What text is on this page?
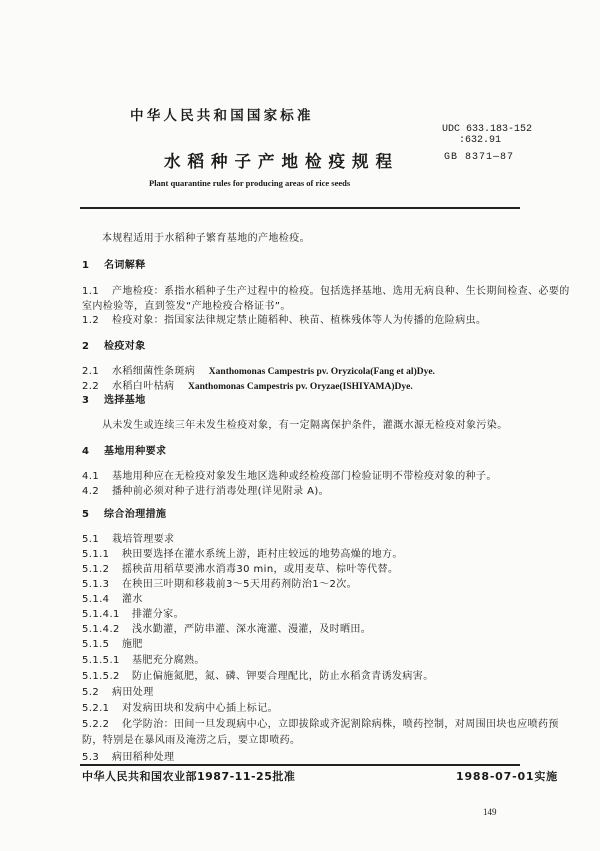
中华人民共和国国家标准
UDC 633.183-152
:632.91
水稻种子产地检疫规程	GB 8371—87
Plant quarantine rules for producing areas of rice seeds
本规程适用于水稻种子繁育基地的产地检疫。
1 名词解释
1.1 产地检疫：系指水稻种子生产过程中的检疫。包括选择基地、选用无病良种、生长期间检查、必要的
室内检验等，直到签发“产地检疫合格证书”。
1.2 检疫对象：指国家法律规定禁止随稻种、秧苗、植株残体等人为传播的危险病虫。
2 检疫对象
2.1 水稻细菌性条斑病 Xanthomonas Campestris pv. Oryzicola(Fang et al)Dye.
2.2 水稻白叶枯病 Xanthomonas Campestris pv. Oryzae(ISHIYAMA)Dye.
3 选择基地
从未发生或连续三年未发生检疫对象，有一定隔离保护条件，灌溉水源无检疫对象污染。
4 基地用种要求
4.1 基地用种应在无检疫对象发生地区选种或经检疫部门检验证明不带检疫对象的种子。
4.2 播种前必须对种子进行消毒处理(详见附录 A)。
5 综合治理措施
5.1 栽培管理要求
5.1.1 秧田要选择在灌水系统上游，距村庄较远的地势高燥的地方。
5.1.2 摇秧苗用稻草要沸水消毒30 min，或用麦草、棕叶等代替。
5.1.3 在秧田三叶期和移栽前3～5天用药剂防治1～2次。
5.1.4 灌水
5.1.4.1 排灌分家。
5.1.4.2 浅水勤灌，严防串灌、深水淹灌、漫灌，及时晒田。
5.1.5 施肥
5.1.5.1 基肥充分腐熟。
5.1.5.2 防止偏施氮肥，氮、磷、钾要合理配比，防止水稻贪青诱发病害。
5.2 病田处理
5.2.1 对发病田块和发病中心插上标记。
5.2.2 化学防治：田间一旦发现病中心，立即拔除或齐泥割除病株，喷药控制，对周围田块也应喷药预
防，特别是在暴风雨及淹涝之后，要立即喷药。
5.3 病田稻种处理
中华人民共和国农业部1987-11-25批准	1988-07-01实施
149
